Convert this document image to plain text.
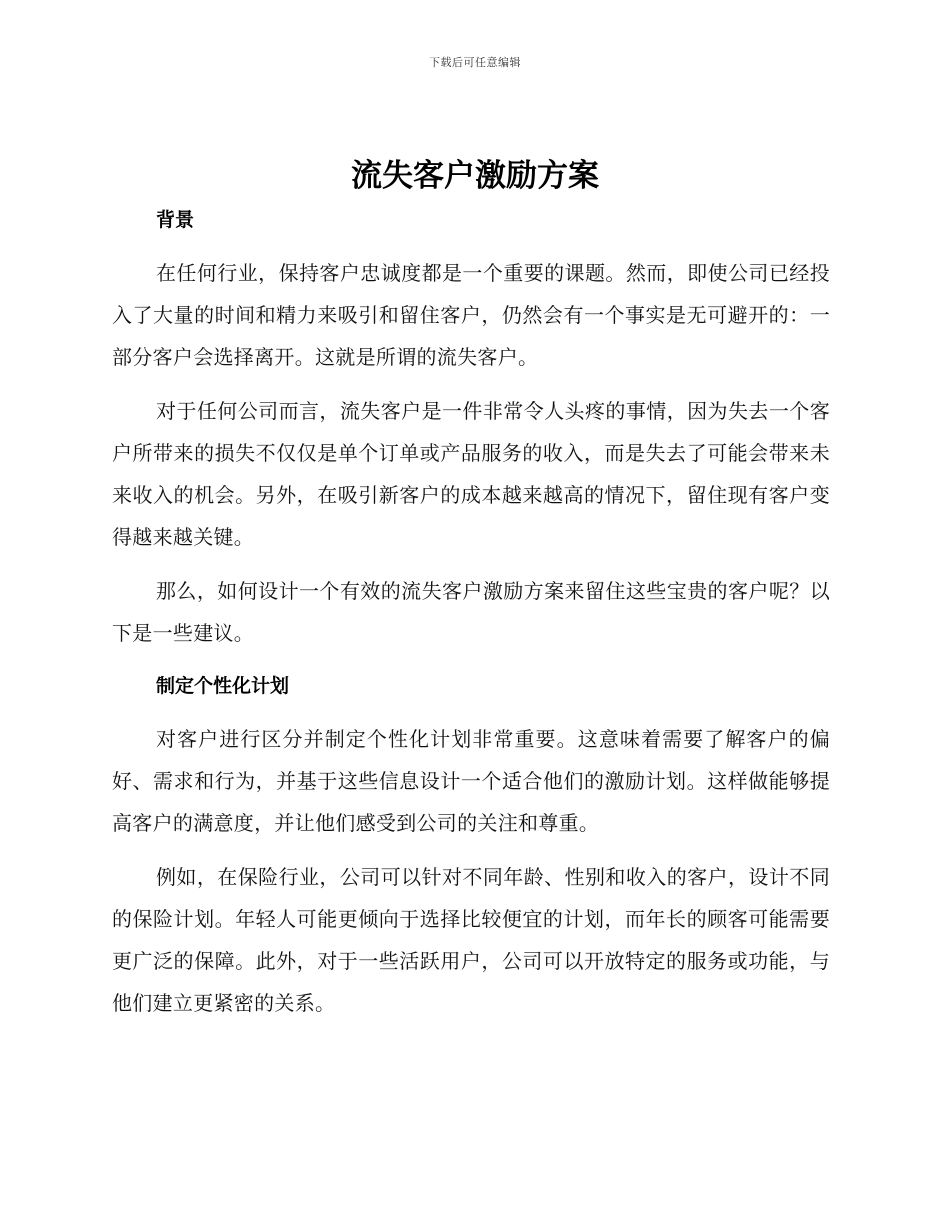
下载后可任意编辑
流失客户激励方案
背景

在任何行业，保持客户忠诚度都是一个重要的课题。然而，即使公司已经投入了大量的时间和精力来吸引和留住客户，仍然会有一个事实是无可避开的：一部分客户会选择离开。这就是所谓的流失客户。

对于任何公司而言，流失客户是一件非常令人头疼的事情，因为失去一个客户所带来的损失不仅仅是单个订单或产品服务的收入，而是失去了可能会带来未来收入的机会。另外，在吸引新客户的成本越来越高的情况下，留住现有客户变得越来越关键。

那么，如何设计一个有效的流失客户激励方案来留住这些宝贵的客户呢？以下是一些建议。

制定个性化计划

对客户进行区分并制定个性化计划非常重要。这意味着需要了解客户的偏好、需求和行为，并基于这些信息设计一个适合他们的激励计划。这样做能够提高客户的满意度，并让他们感受到公司的关注和尊重。

例如，在保险行业，公司可以针对不同年龄、性别和收入的客户，设计不同的保险计划。年轻人可能更倾向于选择比较便宜的计划，而年长的顾客可能需要更广泛的保障。此外，对于一些活跃用户，公司可以开放特定的服务或功能，与他们建立更紧密的关系。
